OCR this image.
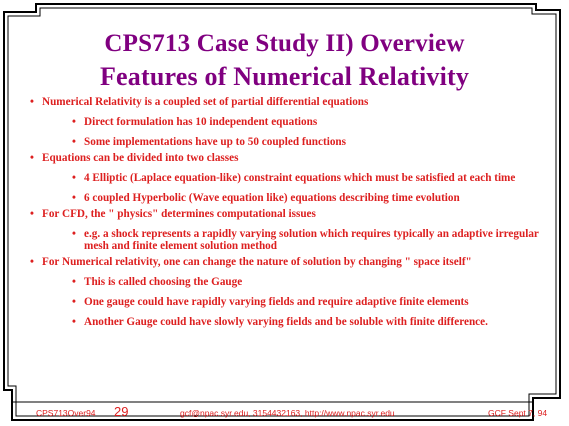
CPS713 Case Study II) Overview
Features of Numerical Relativity
• Numerical Relativity is a coupled set of partial differential equations
• Direct formulation has 10 independent equations
• Some implementations have up to 50 coupled functions
• Equations can be divided into two classes
• 4 Elliptic (Laplace equation-like) constraint equations which must be satisfied at each time
• 6 coupled Hyperbolic (Wave equation like) equations describing time evolution
• For CFD, the " physics" determines computational issues
• e.g. a shock represents a rapidly varying solution which requires typically an adaptive irregular mesh and finite element solution method
• For Numerical relativity, one can change the nature of solution by changing " space itself"
• This is called choosing the Gauge
• One gauge could have rapidly varying fields and require adaptive finite elements
• Another Gauge could have slowly varying fields and be soluble with finite difference.
CPS713Over94 29	gcf@npac.syr.edu, 3154432163, http://www.npac.syr.edu	GCF Sept 7, 94
